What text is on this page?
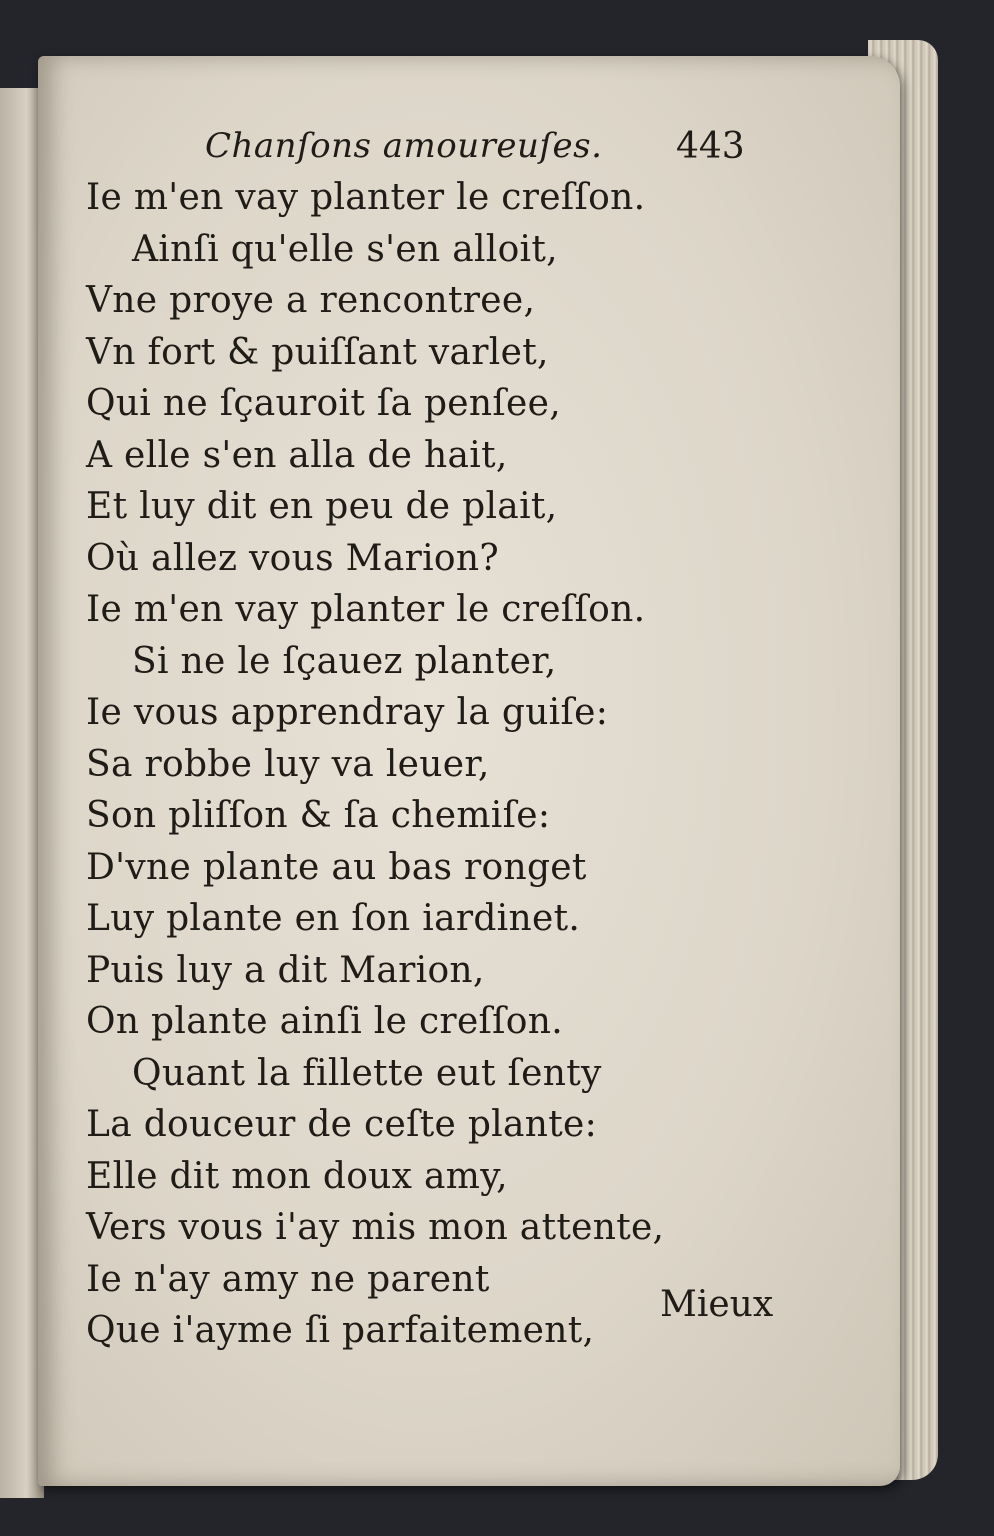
Chanſons amoureuſes. 443
Ie m'en vay planter le creſſon.
Ainſi qu'elle s'en alloit,
Vne proye a rencontree,
Vn fort & puiſſant varlet,
Qui ne ſçauroit ſa penſee,
A elle s'en alla de hait,
Et luy dit en peu de plait,
Où allez vous Marion?
Ie m'en vay planter le creſſon.
Si ne le ſçauez planter,
Ie vous apprendray la guiſe:
Sa robbe luy va leuer,
Son pliſſon & ſa chemiſe:
D'vne plante au bas ronget
Luy plante en ſon iardinet.
Puis luy a dit Marion,
On plante ainſi le creſſon.
Quant la fillette eut ſenty
La douceur de ceſte plante:
Elle dit mon doux amy,
Vers vous i'ay mis mon attente,
Ie n'ay amy ne parent
Que i'ayme ſi parfaitement,
Mieux
